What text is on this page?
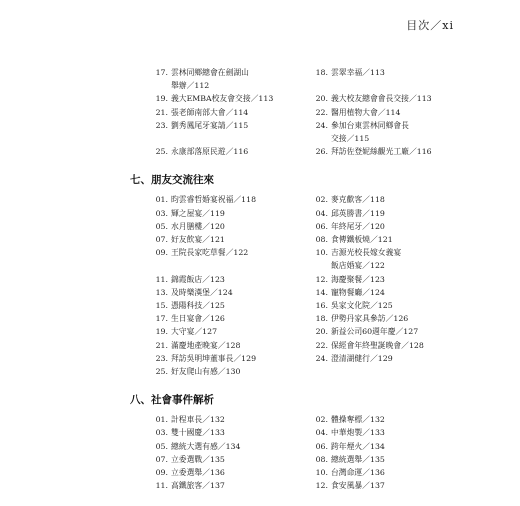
目次／xi
17. 雲林同鄉總會在劍湖山
舉辦／112
18. 雲翠幸福／113
19. 義大EMBA校友會交接／113	20. 義大校友總會會長交接／113
21. 張老師南部大會／114	22. 醫用植物大會／114
23. 劉秀鳳尾牙宴請／115	24. 參加台東雲林同鄉會長
交接／115
25. 永康部落原民遊／116	26. 拜訪佐登妮絲觀光工廠／116
七、朋友交流往來
01. 昀雲睿哲婚宴祝福／118	02. 麥克歡客／118
03. 輝之屋宴／119	04. 邱英勝書／119
05. 水月膳樓／120	06. 年終尾牙／120
07. 好友飲宴／121	08. 食傳鐵板燒／121
09. 王院長家吃草餐／122	10. 吉源光校長嫁女義宴
飯店婚宴／122
11. 錦霞飯店／123	12. 海慶聚餐／123
13. 及時樂漢堡／124	14. 寵物餐廳／124
15. 憑陽科技／125	16. 吳家文化院／125
17. 生日宴會／126	18. 伊勢丹家具參訪／126
19. 大守宴／127	20. 新益公司60週年慶／127
21. 滿慶地產晚宴／128	22. 保經會年終聖誕晚會／128
23. 拜訪吳明坤董事長／129	24. 澄清湖健行／129
25. 好友爬山有感／130
八、社會事件解析
01. 計程車長／132	02. 體操奪標／132
03. 雙十國慶／133	04. 中華炮製／133
05. 總統大選有感／134	06. 跨年煙火／134
07. 立委選戰／135	08. 總統選舉／135
09. 立委選舉／136	10. 台灣命運／136
11. 高鐵旅客／137	12. 食安風暴／137
